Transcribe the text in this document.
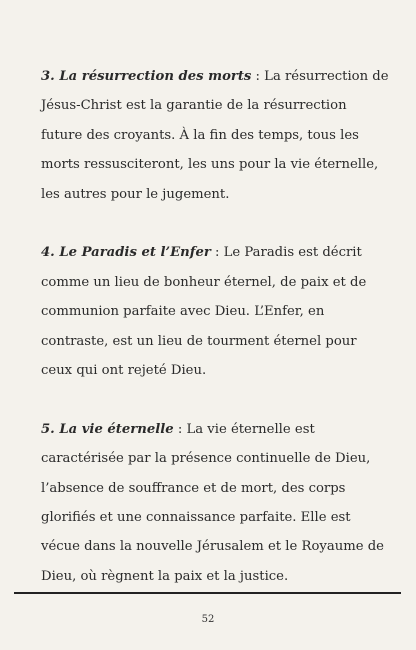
3. La résurrection des morts : La résurrection de Jésus-Christ est la garantie de la résurrection future des croyants. À la fin des temps, tous les morts ressusciteront, les uns pour la vie éternelle, les autres pour le jugement.

4. Le Paradis et l’Enfer : Le Paradis est décrit comme un lieu de bonheur éternel, de paix et de communion parfaite avec Dieu. L’Enfer, en contraste, est un lieu de tourment éternel pour ceux qui ont rejeté Dieu.

5. La vie éternelle : La vie éternelle est caractérisée par la présence continuelle de Dieu, l’absence de souffrance et de mort, des corps glorifiés et une connaissance parfaite. Elle est vécue dans la nouvelle Jérusalem et le Royaume de Dieu, où règnent la paix et la justice.

52
